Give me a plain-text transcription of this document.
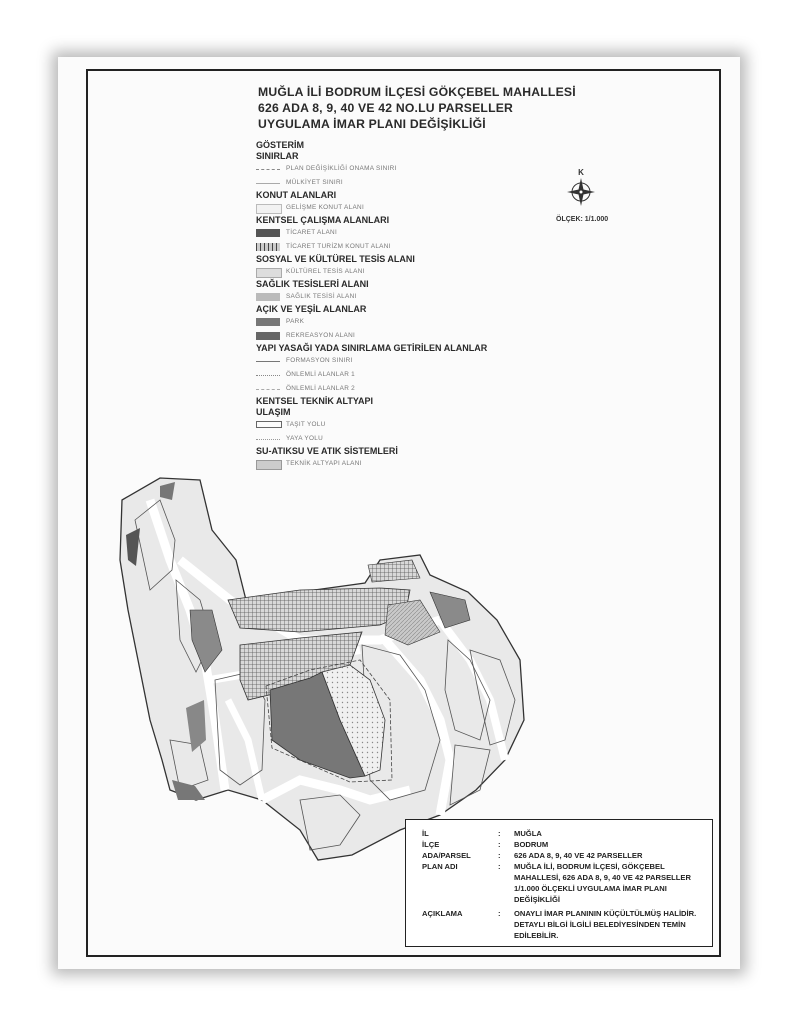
MUĞLA İLİ BODRUM İLÇESİ GÖKÇEBEL MAHALLESİ
626 ADA 8, 9, 40 VE 42 NO.LU PARSELLER
UYGULAMA İMAR PLANI DEĞİŞİKLİĞİ
GÖSTERİM
SINIRLAR
PLAN DEĞİŞİKLİĞİ ONAMA SINIRI
MÜLKİYET SINIRI
KONUT ALANLARI
GELİŞME KONUT ALANI
KENTSEL ÇALIŞMA ALANLARI
TİCARET ALANI
TİCARET TURİZM KONUT ALANI
SOSYAL VE KÜLTÜREL TESİS ALANI
KÜLTÜREL TESİS ALANI
SAĞLIK TESİSLERİ ALANI
SAĞLIK TESİSİ ALANI
AÇIK VE YEŞİL ALANLAR
PARK
REKREASYON ALANI
YAPI YASAĞI YADA SINIRLAMA GETİRİLEN ALANLAR
FORMASYON SINIRI
ÖNLEMLİ ALANLAR 1
ÖNLEMLİ ALANLAR 2
KENTSEL TEKNİK ALTYAPI
ULAŞIM
TAŞIT YOLU
YAYA YOLU
SU-ATIKSU VE ATIK SİSTEMLERİ
TEKNİK ALTYAPI ALANI
K
ÖLÇEK: 1/1.000
İL	: MUĞLA
İLÇE	: BODRUM
ADA/PARSEL	: 626 ADA 8, 9, 40 VE 42 PARSELLER
PLAN ADI	: MUĞLA İLİ, BODRUM İLÇESİ, GÖKÇEBEL MAHALLESİ, 626 ADA 8, 9, 40 VE 42 PARSELLER 1/1.000 ÖLÇEKLİ UYGULAMA İMAR PLANI DEĞİŞİKLİĞİ
AÇIKLAMA	: ONAYLI İMAR PLANININ KÜÇÜLTÜLMÜŞ HALİDİR. DETAYLI BİLGİ İLGİLİ BELEDİYESİNDEN TEMİN EDİLEBİLİR.
